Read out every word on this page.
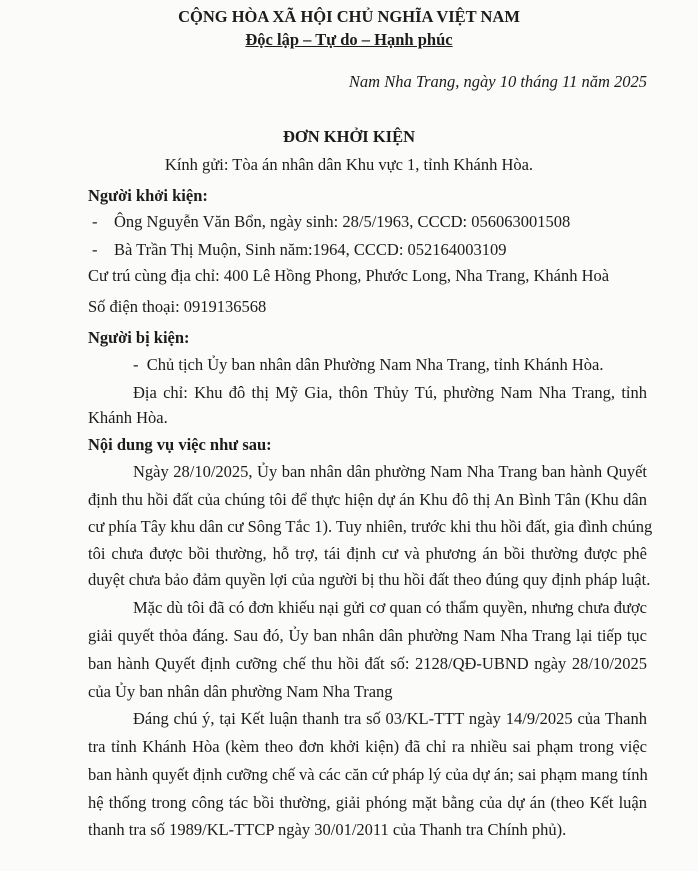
CỘNG HÒA XÃ HỘI CHỦ NGHĨA VIỆT NAM
Độc lập – Tự do – Hạnh phúc
Nam Nha Trang, ngày 10 tháng 11 năm 2025
ĐƠN KHỞI KIỆN
Kính gửi: Tòa án nhân dân Khu vực 1, tỉnh Khánh Hòa.
Người khởi kiện:
-    Ông Nguyễn Văn Bổn, ngày sinh: 28/5/1963, CCCD: 056063001508
-    Bà Trần Thị Muộn, Sinh năm:1964, CCCD: 052164003109
Cư trú cùng địa chỉ: 400 Lê Hồng Phong, Phước Long, Nha Trang, Khánh Hoà
Số điện thoại: 0919136568
Người bị kiện:
-  Chủ tịch Ủy ban nhân dân Phường Nam Nha Trang, tỉnh Khánh Hòa.
Địa chỉ: Khu đô thị Mỹ Gia, thôn Thủy Tú, phường Nam Nha Trang, tỉnh
Khánh Hòa.
Nội dung vụ việc như sau:
Ngày 28/10/2025, Ủy ban nhân dân phường Nam Nha Trang ban hành Quyết
định thu hồi đất của chúng tôi để thực hiện dự án Khu đô thị An Bình Tân (Khu dân
cư phía Tây khu dân cư Sông Tắc 1). Tuy nhiên, trước khi thu hồi đất, gia đình chúng
tôi chưa được bồi thường, hỗ trợ, tái định cư và phương án bồi thường được phê
duyệt chưa bảo đảm quyền lợi của người bị thu hồi đất theo đúng quy định pháp luật.
Mặc dù tôi đã có đơn khiếu nại gửi cơ quan có thẩm quyền, nhưng chưa được
giải quyết thỏa đáng. Sau đó, Ủy ban nhân dân phường Nam Nha Trang lại tiếp tục
ban hành Quyết định cưỡng chế thu hồi đất số: 2128/QĐ-UBND ngày 28/10/2025
của Ủy ban nhân dân phường Nam Nha Trang
Đáng chú ý, tại Kết luận thanh tra số 03/KL-TTT ngày 14/9/2025 của Thanh
tra tỉnh Khánh Hòa (kèm theo đơn khởi kiện) đã chỉ ra nhiều sai phạm trong việc
ban hành quyết định cưỡng chế và các căn cứ pháp lý của dự án; sai phạm mang tính
hệ thống trong công tác bồi thường, giải phóng mặt bằng của dự án (theo Kết luận
thanh tra số 1989/KL-TTCP ngày 30/01/2011 của Thanh tra Chính phủ).
